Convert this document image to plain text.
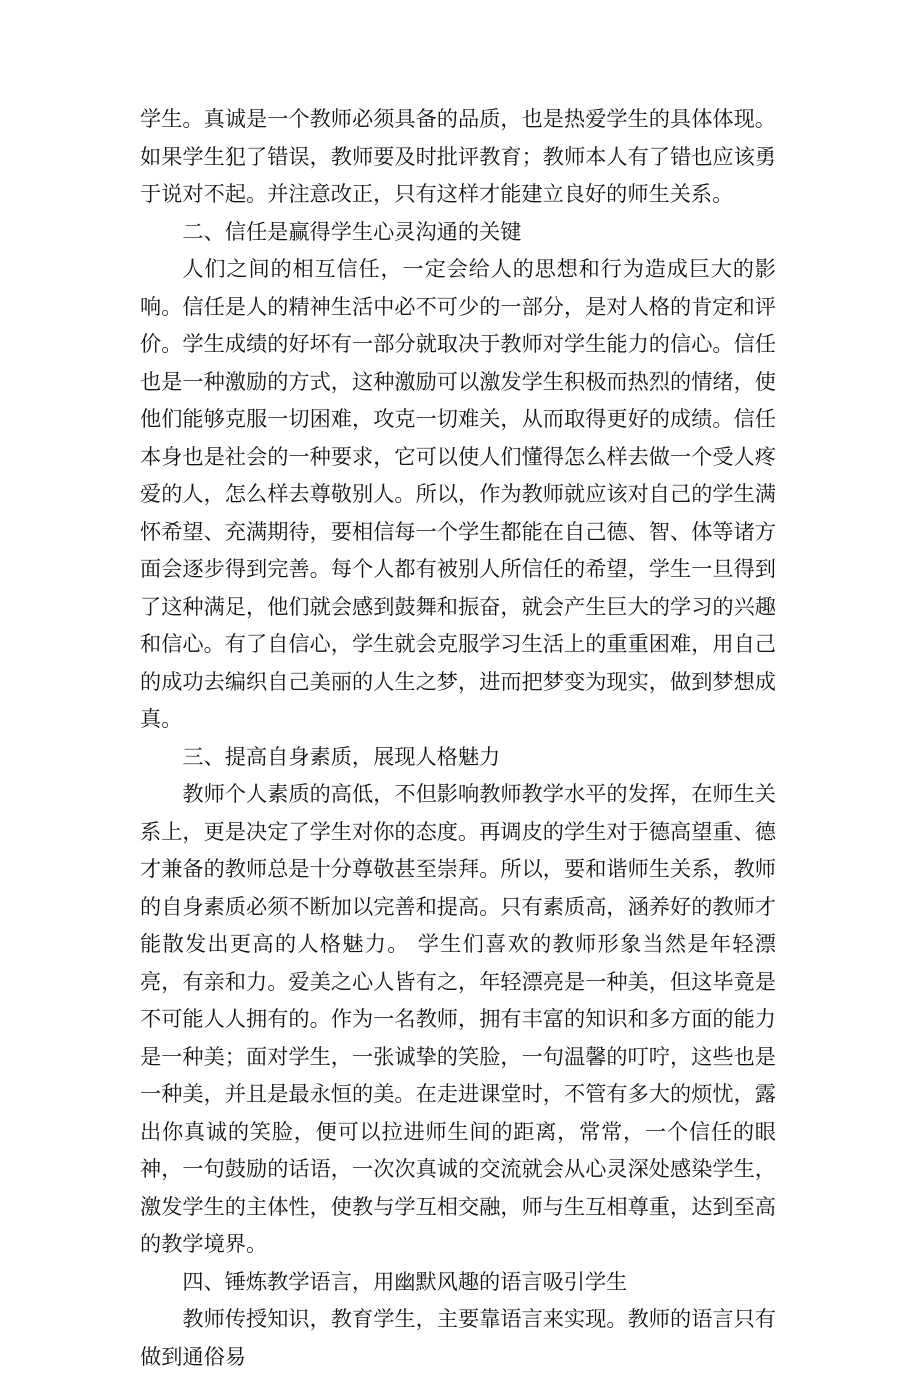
学生。真诚是一个教师必须具备的品质，也是热爱学生的具体体现。如果学生犯了错误，教师要及时批评教育；教师本人有了错也应该勇于说对不起。并注意改正，只有这样才能建立良好的师生关系。

二、信任是赢得学生心灵沟通的关键

人们之间的相互信任，一定会给人的思想和行为造成巨大的影响。信任是人的精神生活中必不可少的一部分，是对人格的肯定和评价。学生成绩的好坏有一部分就取决于教师对学生能力的信心。信任也是一种激励的方式，这种激励可以激发学生积极而热烈的情绪，使他们能够克服一切困难，攻克一切难关，从而取得更好的成绩。信任本身也是社会的一种要求，它可以使人们懂得怎么样去做一个受人疼爱的人，怎么样去尊敬别人。所以，作为教师就应该对自己的学生满怀希望、充满期待，要相信每一个学生都能在自己德、智、体等诸方面会逐步得到完善。每个人都有被别人所信任的希望，学生一旦得到了这种满足，他们就会感到鼓舞和振奋，就会产生巨大的学习的兴趣和信心。有了自信心，学生就会克服学习生活上的重重困难，用自己的成功去编织自己美丽的人生之梦，进而把梦变为现实，做到梦想成真。

三、提高自身素质，展现人格魅力

教师个人素质的高低，不但影响教师教学水平的发挥，在师生关系上，更是决定了学生对你的态度。再调皮的学生对于德高望重、德才兼备的教师总是十分尊敬甚至崇拜。所以，要和谐师生关系，教师的自身素质必须不断加以完善和提高。只有素质高，涵养好的教师才能散发出更高的人格魅力。 学生们喜欢的教师形象当然是年轻漂亮，有亲和力。爱美之心人皆有之，年轻漂亮是一种美，但这毕竟是不可能人人拥有的。作为一名教师，拥有丰富的知识和多方面的能力是一种美；面对学生，一张诚挚的笑脸，一句温馨的叮咛，这些也是一种美，并且是最永恒的美。在走进课堂时，不管有多大的烦忧，露出你真诚的笑脸，便可以拉进师生间的距离，常常，一个信任的眼神，一句鼓励的话语，一次次真诚的交流就会从心灵深处感染学生，激发学生的主体性，使教与学互相交融，师与生互相尊重，达到至高的教学境界。

四、锤炼教学语言，用幽默风趣的语言吸引学生

教师传授知识，教育学生，主要靠语言来实现。教师的语言只有做到通俗易
